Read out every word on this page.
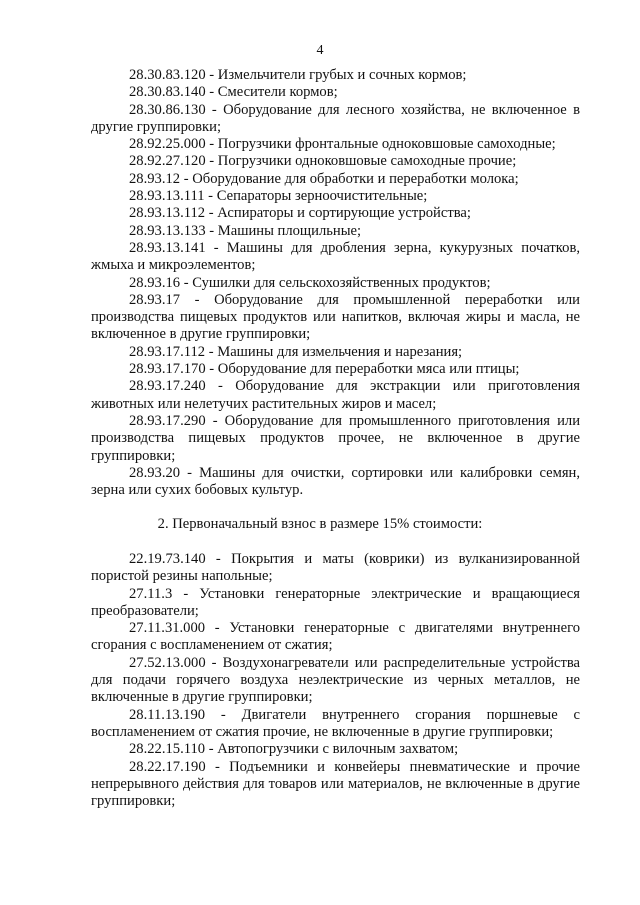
4

28.30.83.120 - Измельчители грубых и сочных кормов;

28.30.83.140 - Смесители кормов;

28.30.86.130 - Оборудование для лесного хозяйства, не включенное в другие группировки;

28.92.25.000 - Погрузчики фронтальные одноковшовые самоходные;

28.92.27.120 - Погрузчики одноковшовые самоходные прочие;

28.93.12 - Оборудование для обработки и переработки молока;

28.93.13.111 - Сепараторы зерноочистительные;

28.93.13.112 - Аспираторы и сортирующие устройства;

28.93.13.133 - Машины площильные;

28.93.13.141 - Машины для дробления зерна, кукурузных початков, жмыха и микроэлементов;

28.93.16 - Сушилки для сельскохозяйственных продуктов;

28.93.17 - Оборудование для промышленной переработки или производства пищевых продуктов или напитков, включая жиры и масла, не включенное в другие группировки;

28.93.17.112 - Машины для измельчения и нарезания;

28.93.17.170 - Оборудование для переработки мяса или птицы;

28.93.17.240 - Оборудование для экстракции или приготовления животных или нелетучих растительных жиров и масел;

28.93.17.290 - Оборудование для промышленного приготовления или производства пищевых продуктов прочее, не включенное в другие группировки;

28.93.20 - Машины для очистки, сортировки или калибровки семян, зерна или сухих бобовых культур.

2. Первоначальный взнос в размере 15% стоимости:

22.19.73.140 - Покрытия и маты (коврики) из вулканизированной пористой резины напольные;

27.11.3 - Установки генераторные электрические и вращающиеся преобразователи;

27.11.31.000 - Установки генераторные с двигателями внутреннего сгорания с воспламенением от сжатия;

27.52.13.000 - Воздухонагреватели или распределительные устройства для подачи горячего воздуха неэлектрические из черных металлов, не включенные в другие группировки;

28.11.13.190 - Двигатели внутреннего сгорания поршневые с воспламенением от сжатия прочие, не включенные в другие группировки;

28.22.15.110 - Автопогрузчики с вилочным захватом;

28.22.17.190 - Подъемники и конвейеры пневматические и прочие непрерывного действия для товаров или материалов, не включенные в другие группировки;
